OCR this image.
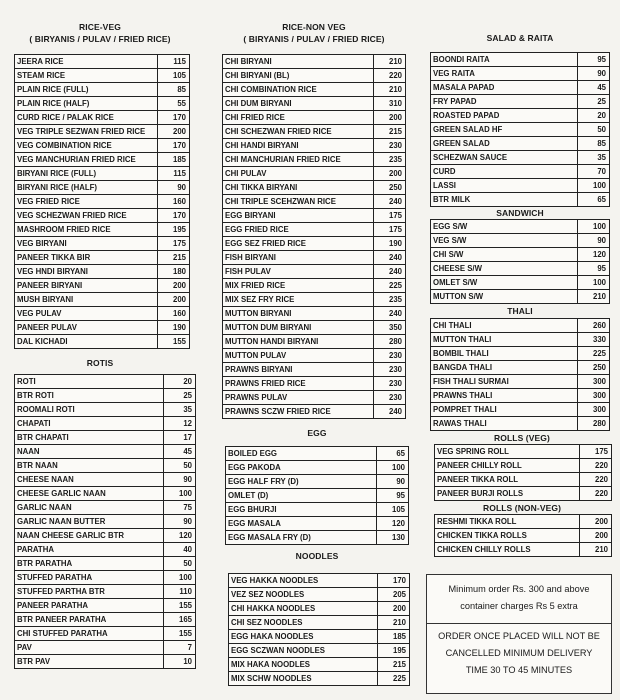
RICE-VEG
( BIRYANIS / PULAV / FRIED RICE)
JEERA RICE	115
STEAM RICE	105
PLAIN RICE (FULL)	85
PLAIN RICE (HALF)	55
CURD RICE / PALAK RICE	170
VEG TRIPLE SEZWAN FRIED RICE	200
VEG COMBINATION RICE	170
VEG MANCHURIAN FRIED RICE	185
BIRYANI RICE (FULL)	115
BIRYANI RICE (HALF)	90
VEG FRIED RICE	160
VEG SCHEZWAN FRIED RICE	170
MASHROOM FRIED RICE	195
VEG BIRYANI	175
PANEER TIKKA BIR	215
VEG HNDI BIRYANI	180
PANEER BIRYANI	200
MUSH BIRYANI	200
VEG PULAV	160
PANEER PULAV	190
DAL KICHADI	155
ROTIS
ROTI	20
BTR ROTI	25
ROOMALI ROTI	35
CHAPATI	12
BTR CHAPATI	17
NAAN	45
BTR NAAN	50
CHEESE NAAN	90
CHEESE GARLIC NAAN	100
GARLIC NAAN	75
GARLIC NAAN BUTTER	90
NAAN CHEESE GARLIC BTR	120
PARATHA	40
BTR PARATHA	50
STUFFED PARATHA	100
STUFFED PARTHA BTR	110
PANEER PARATHA	155
BTR PANEER PARATHA	165
CHI STUFFED PARATHA	155
PAV	7
BTR PAV	10
RICE-NON VEG
( BIRYANIS / PULAV / FRIED RICE)
CHI BIRYANI	210
CHI BIRYANI (BL)	220
CHI COMBINATION RICE	210
CHI DUM BIRYANI	310
CHI FRIED RICE	200
CHI SCHEZWAN FRIED RICE	215
CHI HANDI BIRYANI	230
CHI MANCHURIAN FRIED RICE	235
CHI PULAV	200
CHI TIKKA BIRYANI	250
CHI TRIPLE SCEHZWAN RICE	240
EGG BIRYANI	175
EGG FRIED RICE	175
EGG SEZ FRIED RICE	190
FISH BIRYANI	240
FISH PULAV	240
MIX FRIED RICE	225
MIX SEZ FRY RICE	235
MUTTON BIRYANI	240
MUTTON DUM BIRYANI	350
MUTTON HANDI BIRYANI	280
MUTTON PULAV	230
PRAWNS BIRYANI	230
PRAWNS FRIED RICE	230
PRAWNS PULAV	230
PRAWNS SCZW FRIED RICE	240
EGG
BOILED EGG	65
EGG PAKODA	100
EGG HALF FRY (D)	90
OMLET (D)	95
EGG BHURJI	105
EGG MASALA	120
EGG MASALA FRY (D)	130
NOODLES
VEG HAKKA NOODLES	170
VEZ SEZ NOODLES	205
CHI HAKKA NOODLES	200
CHI SEZ NOODLES	210
EGG HAKA NOODLES	185
EGG SCZWAN NOODLES	195
MIX HAKA NOODLES	215
MIX SCHW NOODLES	225
SALAD & RAITA
BOONDI RAITA	95
VEG RAITA	90
MASALA PAPAD	45
FRY PAPAD	25
ROASTED PAPAD	20
GREEN SALAD HF	50
GREEN SALAD	85
SCHEZWAN SAUCE	35
CURD	70
LASSI	100
BTR MILK	65
SANDWICH
EGG S/W	100
VEG S/W	90
CHI S/W	120
CHEESE S/W	95
OMLET S/W	100
MUTTON S/W	210
THALI
CHI THALI	260
MUTTON THALI	330
BOMBIL THALI	225
BANGDA THALI	250
FISH THALI SURMAI	300
PRAWNS THALI	300
POMPRET THALI	300
RAWAS THALI	280
ROLLS (VEG)
VEG SPRING ROLL	175
PANEER CHILLY ROLL	220
PANEER TIKKA ROLL	220
PANEER BURJI ROLLS	220
ROLLS (NON-VEG)
RESHMI TIKKA ROLL	200
CHICKEN TIKKA ROLLS	200
CHICKEN CHILLY ROLLS	210
Minimum order Rs. 300 and above
container charges Rs 5 extra
ORDER ONCE PLACED WILL NOT BE
CANCELLED MINIMUM DELIVERY
TIME 30 TO 45 MINUTES
